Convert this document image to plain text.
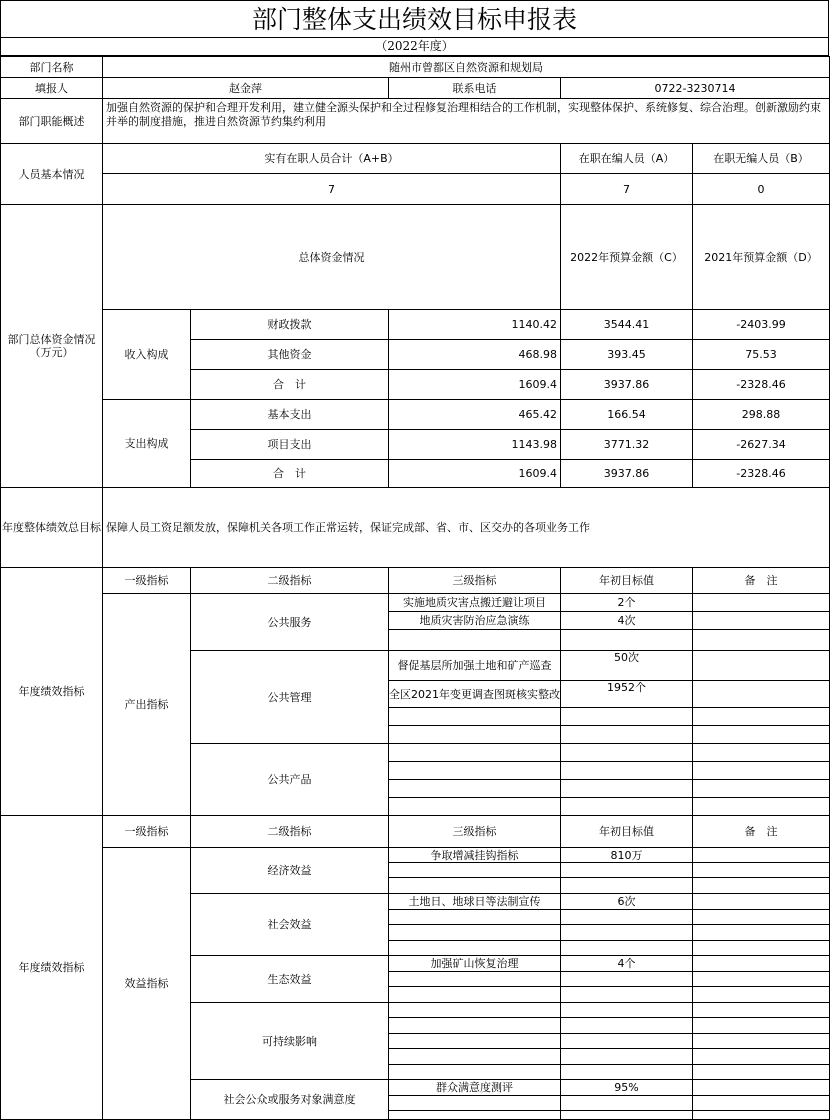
部门整体支出绩效目标申报表
（2022年度）
部门名称	随州市曾都区自然资源和规划局					
填报人	赵金萍		联系电话	0722-3230714		
部门职能概述	加强自然资源的保护和合理开发利用，建立健全源头保护和全过程修复治理相结合的工作机制，实现整体保护、系统修复、综合治理。创新激励约束并举的制度措施，推进自然资源节约集约利用					
人员基本情况	实有在职人员合计（A+B）			在职在编人员（A）	在职无编人员（B）	
	7			7	0	
部门总体资金情况（万元）	总体资金情况			2022年预算金额（C）	2021年预算金额（D）	
	收入构成	财政拨款	1140.42	3544.41	-2403.99	
		其他资金	468.98	393.45	75.53	
		合　计	1609.4	3937.86	-2328.46	
	支出构成	基本支出	465.42	166.54	298.88	
		项目支出	1143.98	3771.32	-2627.34	
		合　计	1609.4	3937.86	-2328.46	
年度整体绩效总目标	保障人员工资足额发放，保障机关各项工作正常运转，保证完成部、省、市、区交办的各项业务工作					
年度绩效指标	一级指标	二级指标	三级指标	年初目标值	备　注	
	产出指标	公共服务	实施地质灾害点搬迁避让项目	2个		
			地质灾害防治应急演练	4次		

		公共管理	督促基层所加强土地和矿产巡查	50次		
			全区2021年变更调查图斑核实整改	1952个		

		公共产品				

年度绩效指标	一级指标	二级指标	三级指标	年初目标值	备　注	
	效益指标	经济效益	争取增减挂钩指标	810万		

		社会效益	土地日、地球日等法制宣传	6次		

		生态效益	加强矿山恢复治理	4个		

		可持续影响				

		社会公众或服务对象满意度	群众满意度测评	95%		
